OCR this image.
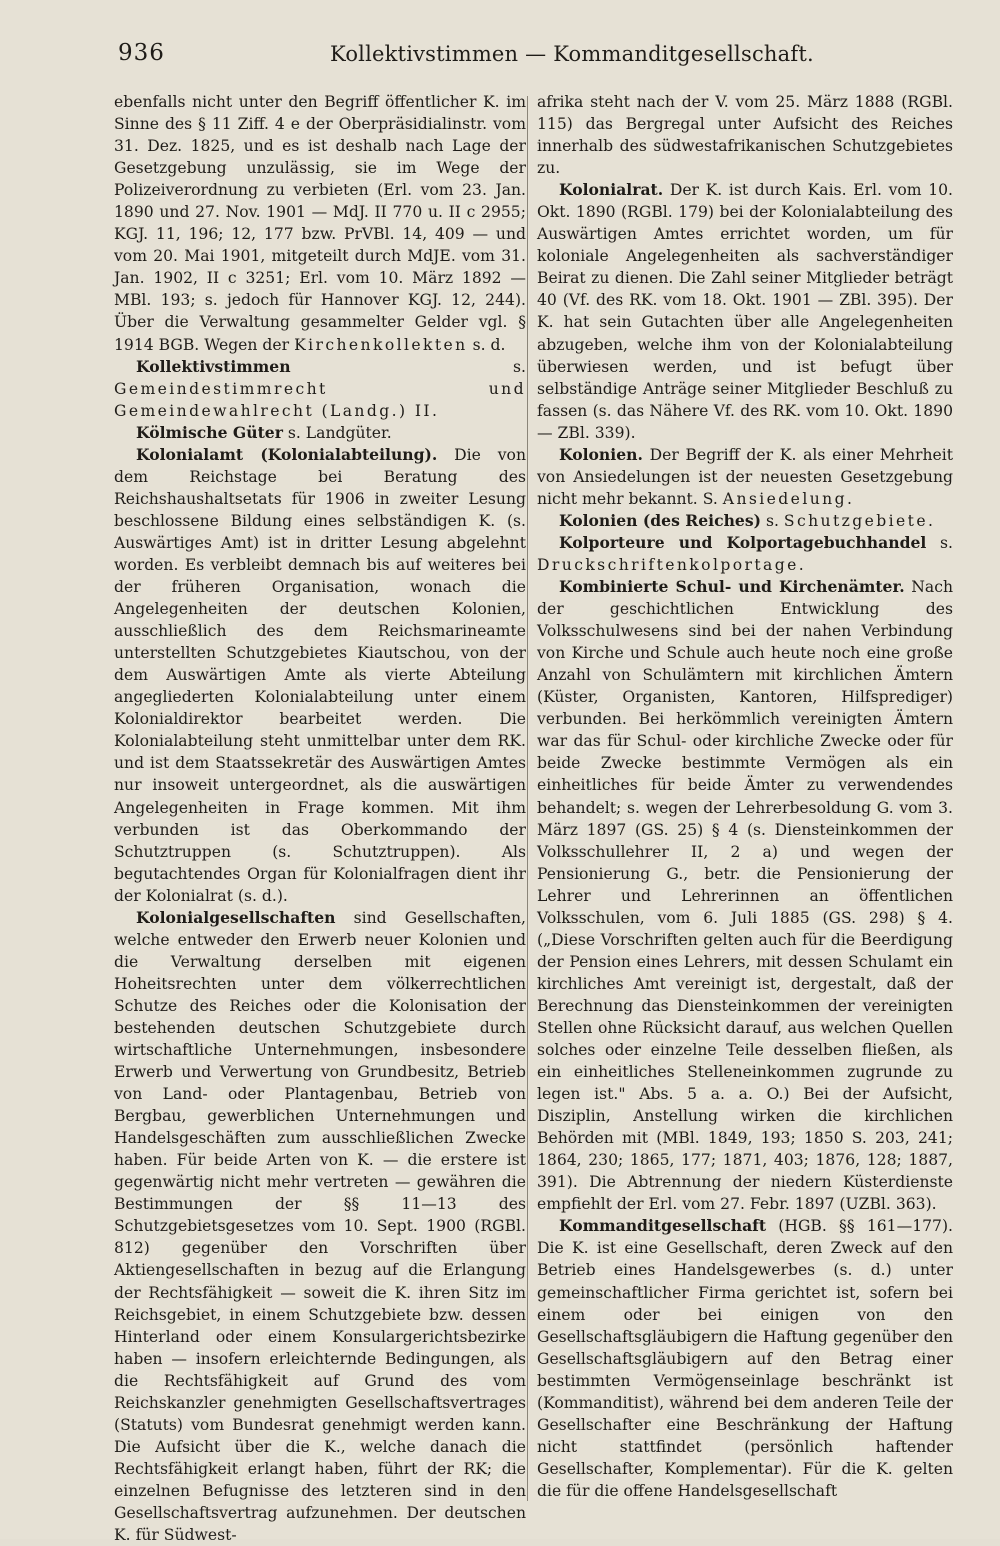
936	Kollektivstimmen — Kommanditgesellschaft.

ebenfalls nicht unter den Begriff öffentlicher K. im Sinne des § 11 Ziff. 4 e der Oberpräsidialinstr. vom 31. Dez. 1825, und es ist deshalb nach Lage der Gesetzgebung unzulässig, sie im Wege der Polizeiverordnung zu verbieten (Erl. vom 23. Jan. 1890 und 27. Nov. 1901 — MdJ. II 770 u. II c 2955; KGJ. 11, 196; 12, 177 bzw. PrVBl. 14, 409 — und vom 20. Mai 1901, mitgeteilt durch MdJE. vom 31. Jan. 1902, II c 3251; Erl. vom 10. März 1892 — MBl. 193; s. jedoch für Hannover KGJ. 12, 244). Über die Verwaltung gesammelter Gelder vgl. § 1914 BGB. Wegen der Kirchenkollekten s. d.

Kollektivstimmen s. Gemeindestimmrecht und Gemeindewahlrecht (Landg.) II.

Kölmische Güter s. Landgüter.

Kolonialamt (Kolonialabteilung). Die von dem Reichstage bei Beratung des Reichshaushaltsetats für 1906 in zweiter Lesung beschlossene Bildung eines selbständigen K. (s. Auswärtiges Amt) ist in dritter Lesung abgelehnt worden. Es verbleibt demnach bis auf weiteres bei der früheren Organisation, wonach die Angelegenheiten der deutschen Kolonien, ausschließlich des dem Reichsmarineamte unterstellten Schutzgebietes Kiautschou, von der dem Auswärtigen Amte als vierte Abteilung angegliederten Kolonialabteilung unter einem Kolonialdirektor bearbeitet werden. Die Kolonialabteilung steht unmittelbar unter dem RK. und ist dem Staatssekretär des Auswärtigen Amtes nur insoweit untergeordnet, als die auswärtigen Angelegenheiten in Frage kommen. Mit ihm verbunden ist das Oberkommando der Schutztruppen (s. Schutztruppen). Als begutachtendes Organ für Kolonialfragen dient ihr der Kolonialrat (s. d.).

Kolonialgesellschaften sind Gesellschaften, welche entweder den Erwerb neuer Kolonien und die Verwaltung derselben mit eigenen Hoheitsrechten unter dem völkerrechtlichen Schutze des Reiches oder die Kolonisation der bestehenden deutschen Schutzgebiete durch wirtschaftliche Unternehmungen, insbesondere Erwerb und Verwertung von Grundbesitz, Betrieb von Land- oder Plantagenbau, Betrieb von Bergbau, gewerblichen Unternehmungen und Handelsgeschäften zum ausschließlichen Zwecke haben. Für beide Arten von K. — die erstere ist gegenwärtig nicht mehr vertreten — gewähren die Bestimmungen der §§ 11—13 des Schutzgebietsgesetzes vom 10. Sept. 1900 (RGBl. 812) gegenüber den Vorschriften über Aktiengesellschaften in bezug auf die Erlangung der Rechtsfähigkeit — soweit die K. ihren Sitz im Reichsgebiet, in einem Schutzgebiete bzw. dessen Hinterland oder einem Konsulargerichtsbezirke haben — insofern erleichternde Bedingungen, als die Rechtsfähigkeit auf Grund des vom Reichskanzler genehmigten Gesellschaftsvertrages (Statuts) vom Bundesrat genehmigt werden kann. Die Aufsicht über die K., welche danach die Rechtsfähigkeit erlangt haben, führt der RK; die einzelnen Befugnisse des letzteren sind in den Gesellschaftsvertrag aufzunehmen. Der deutschen K. für Südwest-

afrika steht nach der V. vom 25. März 1888 (RGBl. 115) das Bergregal unter Aufsicht des Reiches innerhalb des südwestafrikanischen Schutzgebietes zu.

Kolonialrat. Der K. ist durch Kais. Erl. vom 10. Okt. 1890 (RGBl. 179) bei der Kolonialabteilung des Auswärtigen Amtes errichtet worden, um für koloniale Angelegenheiten als sachverständiger Beirat zu dienen. Die Zahl seiner Mitglieder beträgt 40 (Vf. des RK. vom 18. Okt. 1901 — ZBl. 395). Der K. hat sein Gutachten über alle Angelegenheiten abzugeben, welche ihm von der Kolonialabteilung überwiesen werden, und ist befugt über selbständige Anträge seiner Mitglieder Beschluß zu fassen (s. das Nähere Vf. des RK. vom 10. Okt. 1890 — ZBl. 339).

Kolonien. Der Begriff der K. als einer Mehrheit von Ansiedelungen ist der neuesten Gesetzgebung nicht mehr bekannt. S. Ansiedelung.

Kolonien (des Reiches) s. Schutzgebiete.

Kolporteure und Kolportagebuchhandel s. Druckschriftenkolportage.

Kombinierte Schul- und Kirchenämter. Nach der geschichtlichen Entwicklung des Volksschulwesens sind bei der nahen Verbindung von Kirche und Schule auch heute noch eine große Anzahl von Schulämtern mit kirchlichen Ämtern (Küster, Organisten, Kantoren, Hilfsprediger) verbunden. Bei herkömmlich vereinigten Ämtern war das für Schul- oder kirchliche Zwecke oder für beide Zwecke bestimmte Vermögen als ein einheitliches für beide Ämter zu verwendendes behandelt; s. wegen der Lehrerbesoldung G. vom 3. März 1897 (GS. 25) § 4 (s. Diensteinkommen der Volksschullehrer II, 2 a) und wegen der Pensionierung G., betr. die Pensionierung der Lehrer und Lehrerinnen an öffentlichen Volksschulen, vom 6. Juli 1885 (GS. 298) § 4. („Diese Vorschriften gelten auch für die Beerdigung der Pension eines Lehrers, mit dessen Schulamt ein kirchliches Amt vereinigt ist, dergestalt, daß der Berechnung das Diensteinkommen der vereinigten Stellen ohne Rücksicht darauf, aus welchen Quellen solches oder einzelne Teile desselben fließen, als ein einheitliches Stelleneinkommen zugrunde zu legen ist." Abs. 5 a. a. O.) Bei der Aufsicht, Disziplin, Anstellung wirken die kirchlichen Behörden mit (MBl. 1849, 193; 1850 S. 203, 241; 1864, 230; 1865, 177; 1871, 403; 1876, 128; 1887, 391). Die Abtrennung der niedern Küsterdienste empfiehlt der Erl. vom 27. Febr. 1897 (UZBl. 363).

Kommanditgesellschaft (HGB. §§ 161—177). Die K. ist eine Gesellschaft, deren Zweck auf den Betrieb eines Handelsgewerbes (s. d.) unter gemeinschaftlicher Firma gerichtet ist, sofern bei einem oder bei einigen von den Gesellschaftsgläubigern die Haftung gegenüber den Gesellschaftsgläubigern auf den Betrag einer bestimmten Vermögenseinlage beschränkt ist (Kommanditist), während bei dem anderen Teile der Gesellschafter eine Beschränkung der Haftung nicht stattfindet (persönlich haftender Gesellschafter, Komplementar). Für die K. gelten die für die offene Handelsgesellschaft
